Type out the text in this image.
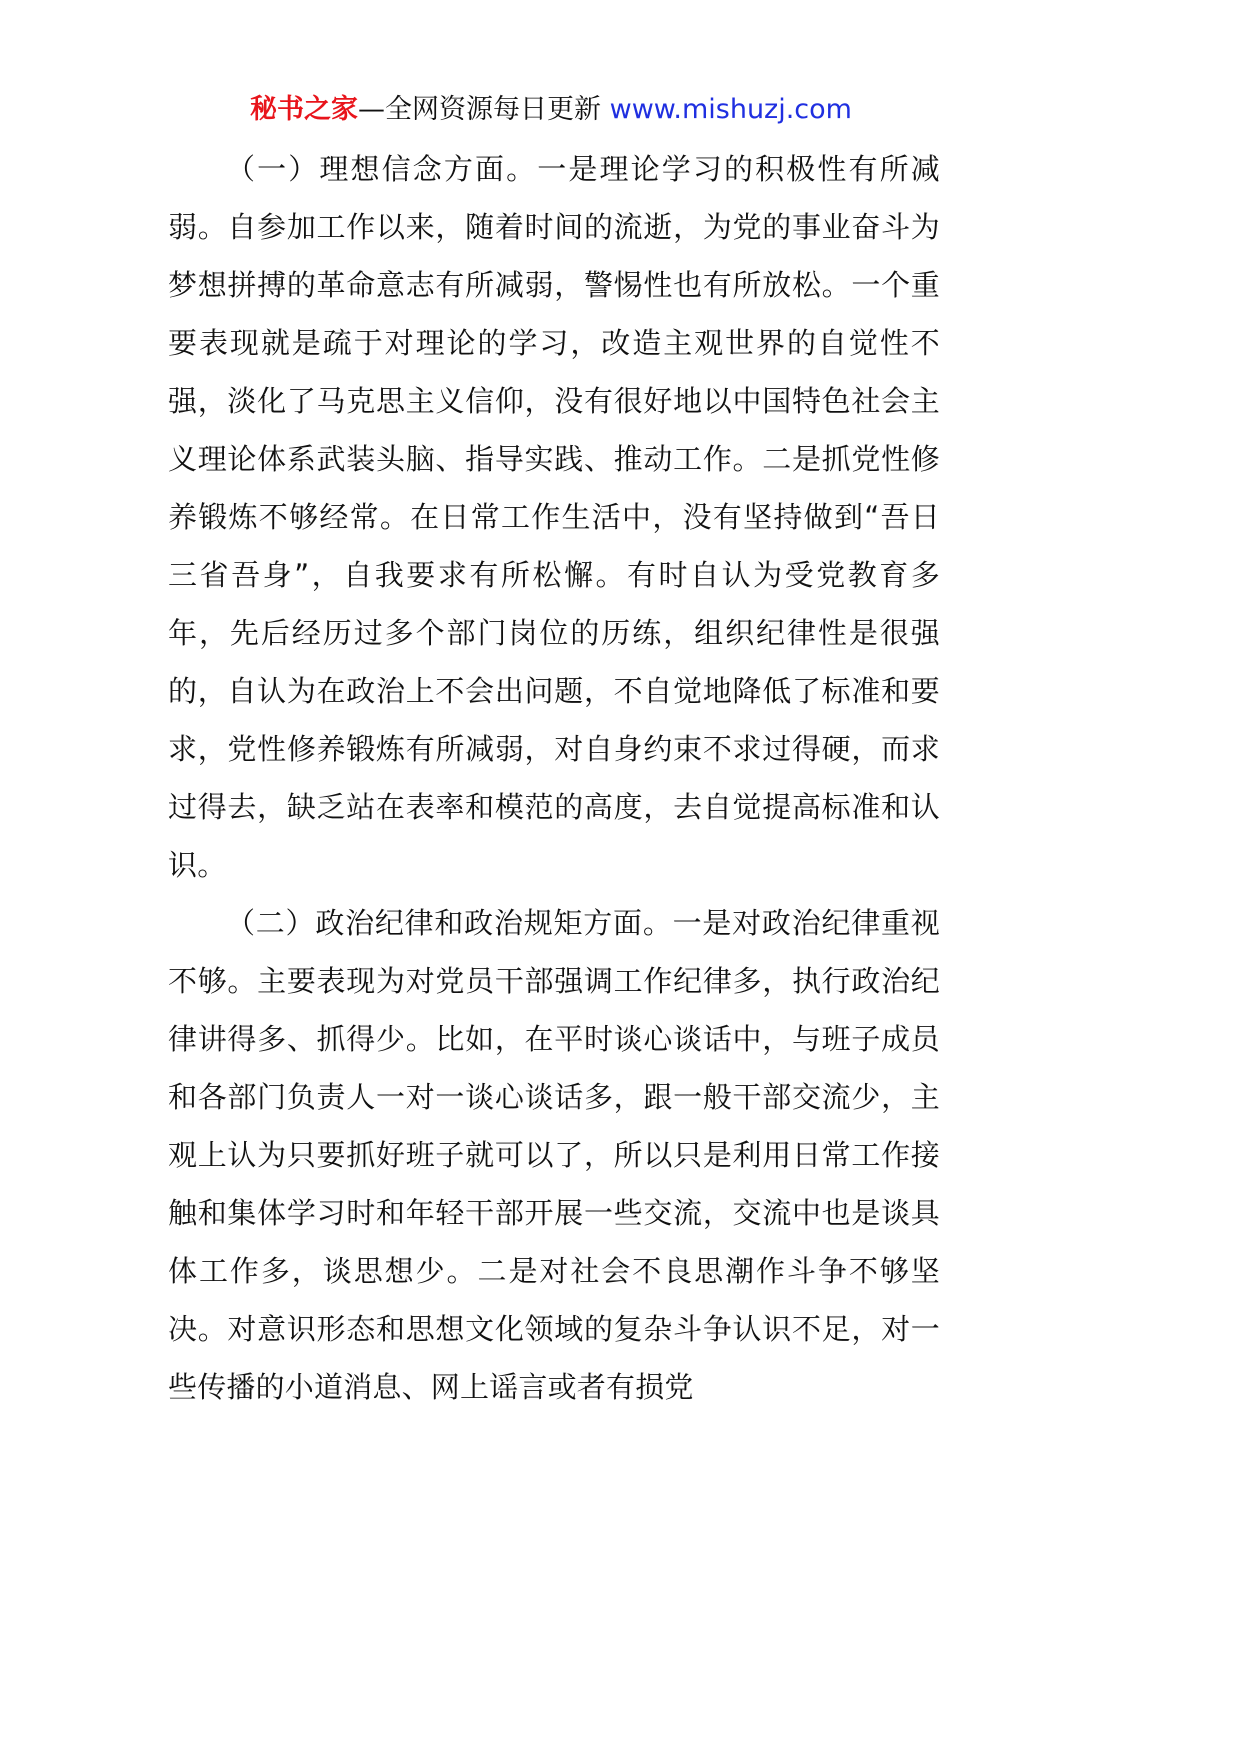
秘书之家—全网资源每日更新 www.mishuzj.com

（一）理想信念方面。一是理论学习的积极性有所减弱。自参加工作以来，随着时间的流逝，为党的事业奋斗为梦想拼搏的革命意志有所减弱，警惕性也有所放松。一个重要表现就是疏于对理论的学习，改造主观世界的自觉性不强，淡化了马克思主义信仰，没有很好地以中国特色社会主义理论体系武装头脑、指导实践、推动工作。二是抓党性修养锻炼不够经常。在日常工作生活中，没有坚持做到“吾日三省吾身”，自我要求有所松懈。有时自认为受党教育多年，先后经历过多个部门岗位的历练，组织纪律性是很强的，自认为在政治上不会出问题，不自觉地降低了标准和要求，党性修养锻炼有所减弱，对自身约束不求过得硬，而求过得去，缺乏站在表率和模范的高度，去自觉提高标准和认识。

（二）政治纪律和政治规矩方面。一是对政治纪律重视不够。主要表现为对党员干部强调工作纪律多，执行政治纪律讲得多、抓得少。比如，在平时谈心谈话中，与班子成员和各部门负责人一对一谈心谈话多，跟一般干部交流少，主观上认为只要抓好班子就可以了，所以只是利用日常工作接触和集体学习时和年轻干部开展一些交流，交流中也是谈具体工作多，谈思想少。二是对社会不良思潮作斗争不够坚决。对意识形态和思想文化领域的复杂斗争认识不足，对一些传播的小道消息、网上谣言或者有损党
